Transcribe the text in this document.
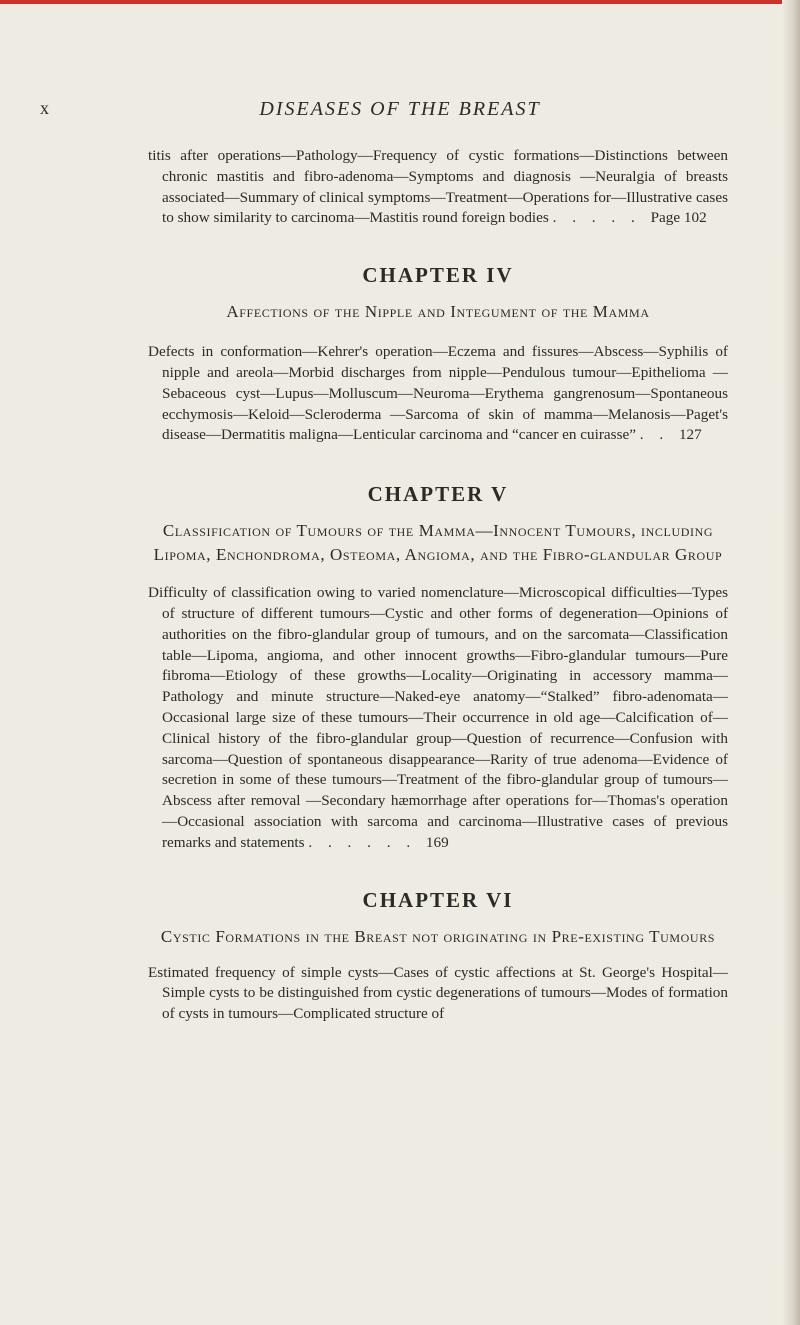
x	DISEASES OF THE BREAST

titis after operations—Pathology—Frequency of cystic formations—Distinctions between chronic mastitis and fibro-adenoma—Symptoms and diagnosis —Neuralgia of breasts associated—Summary of clinical symptoms—Treatment—Operations for—Illustrative cases to show similarity to carcinoma—Mastitis round foreign bodies . . . . . Page 102

CHAPTER IV

Affections of the Nipple and Integument of the Mamma

Defects in conformation—Kehrer's operation—Eczema and fissures—Abscess—Syphilis of nipple and areola—Morbid discharges from nipple—Pendulous tumour—Epithelioma —Sebaceous cyst—Lupus—Molluscum—Neuroma—Erythema gangrenosum—Spontaneous ecchymosis—Keloid—Scleroderma —Sarcoma of skin of mamma—Melanosis—Paget's disease—Dermatitis maligna—Lenticular carcinoma and “cancer en cuirasse” . . 127

CHAPTER V

Classification of Tumours of the Mamma—Innocent Tumours, including Lipoma, Enchondroma, Osteoma, Angioma, and the Fibro-glandular Group

Difficulty of classification owing to varied nomenclature—Microscopical difficulties—Types of structure of different tumours—Cystic and other forms of degeneration—Opinions of authorities on the fibro-glandular group of tumours, and on the sarcomata—Classification table—Lipoma, angioma, and other innocent growths—Fibro-glandular tumours—Pure fibroma—Etiology of these growths—Locality—Originating in accessory mamma—Pathology and minute structure—Naked-eye anatomy—“Stalked” fibro-adenomata—Occasional large size of these tumours—Their occurrence in old age—Calcification of—Clinical history of the fibro-glandular group—Question of recurrence—Confusion with sarcoma—Question of spontaneous disappearance—Rarity of true adenoma—Evidence of secretion in some of these tumours—Treatment of the fibro-glandular group of tumours—Abscess after removal —Secondary hæmorrhage after operations for—Thomas's operation—Occasional association with sarcoma and carcinoma—Illustrative cases of previous remarks and statements . . . . . . 169

CHAPTER VI

Cystic Formations in the Breast not originating in Pre-existing Tumours

Estimated frequency of simple cysts—Cases of cystic affections at St. George's Hospital—Simple cysts to be distinguished from cystic degenerations of tumours—Modes of formation of cysts in tumours—Complicated structure of
